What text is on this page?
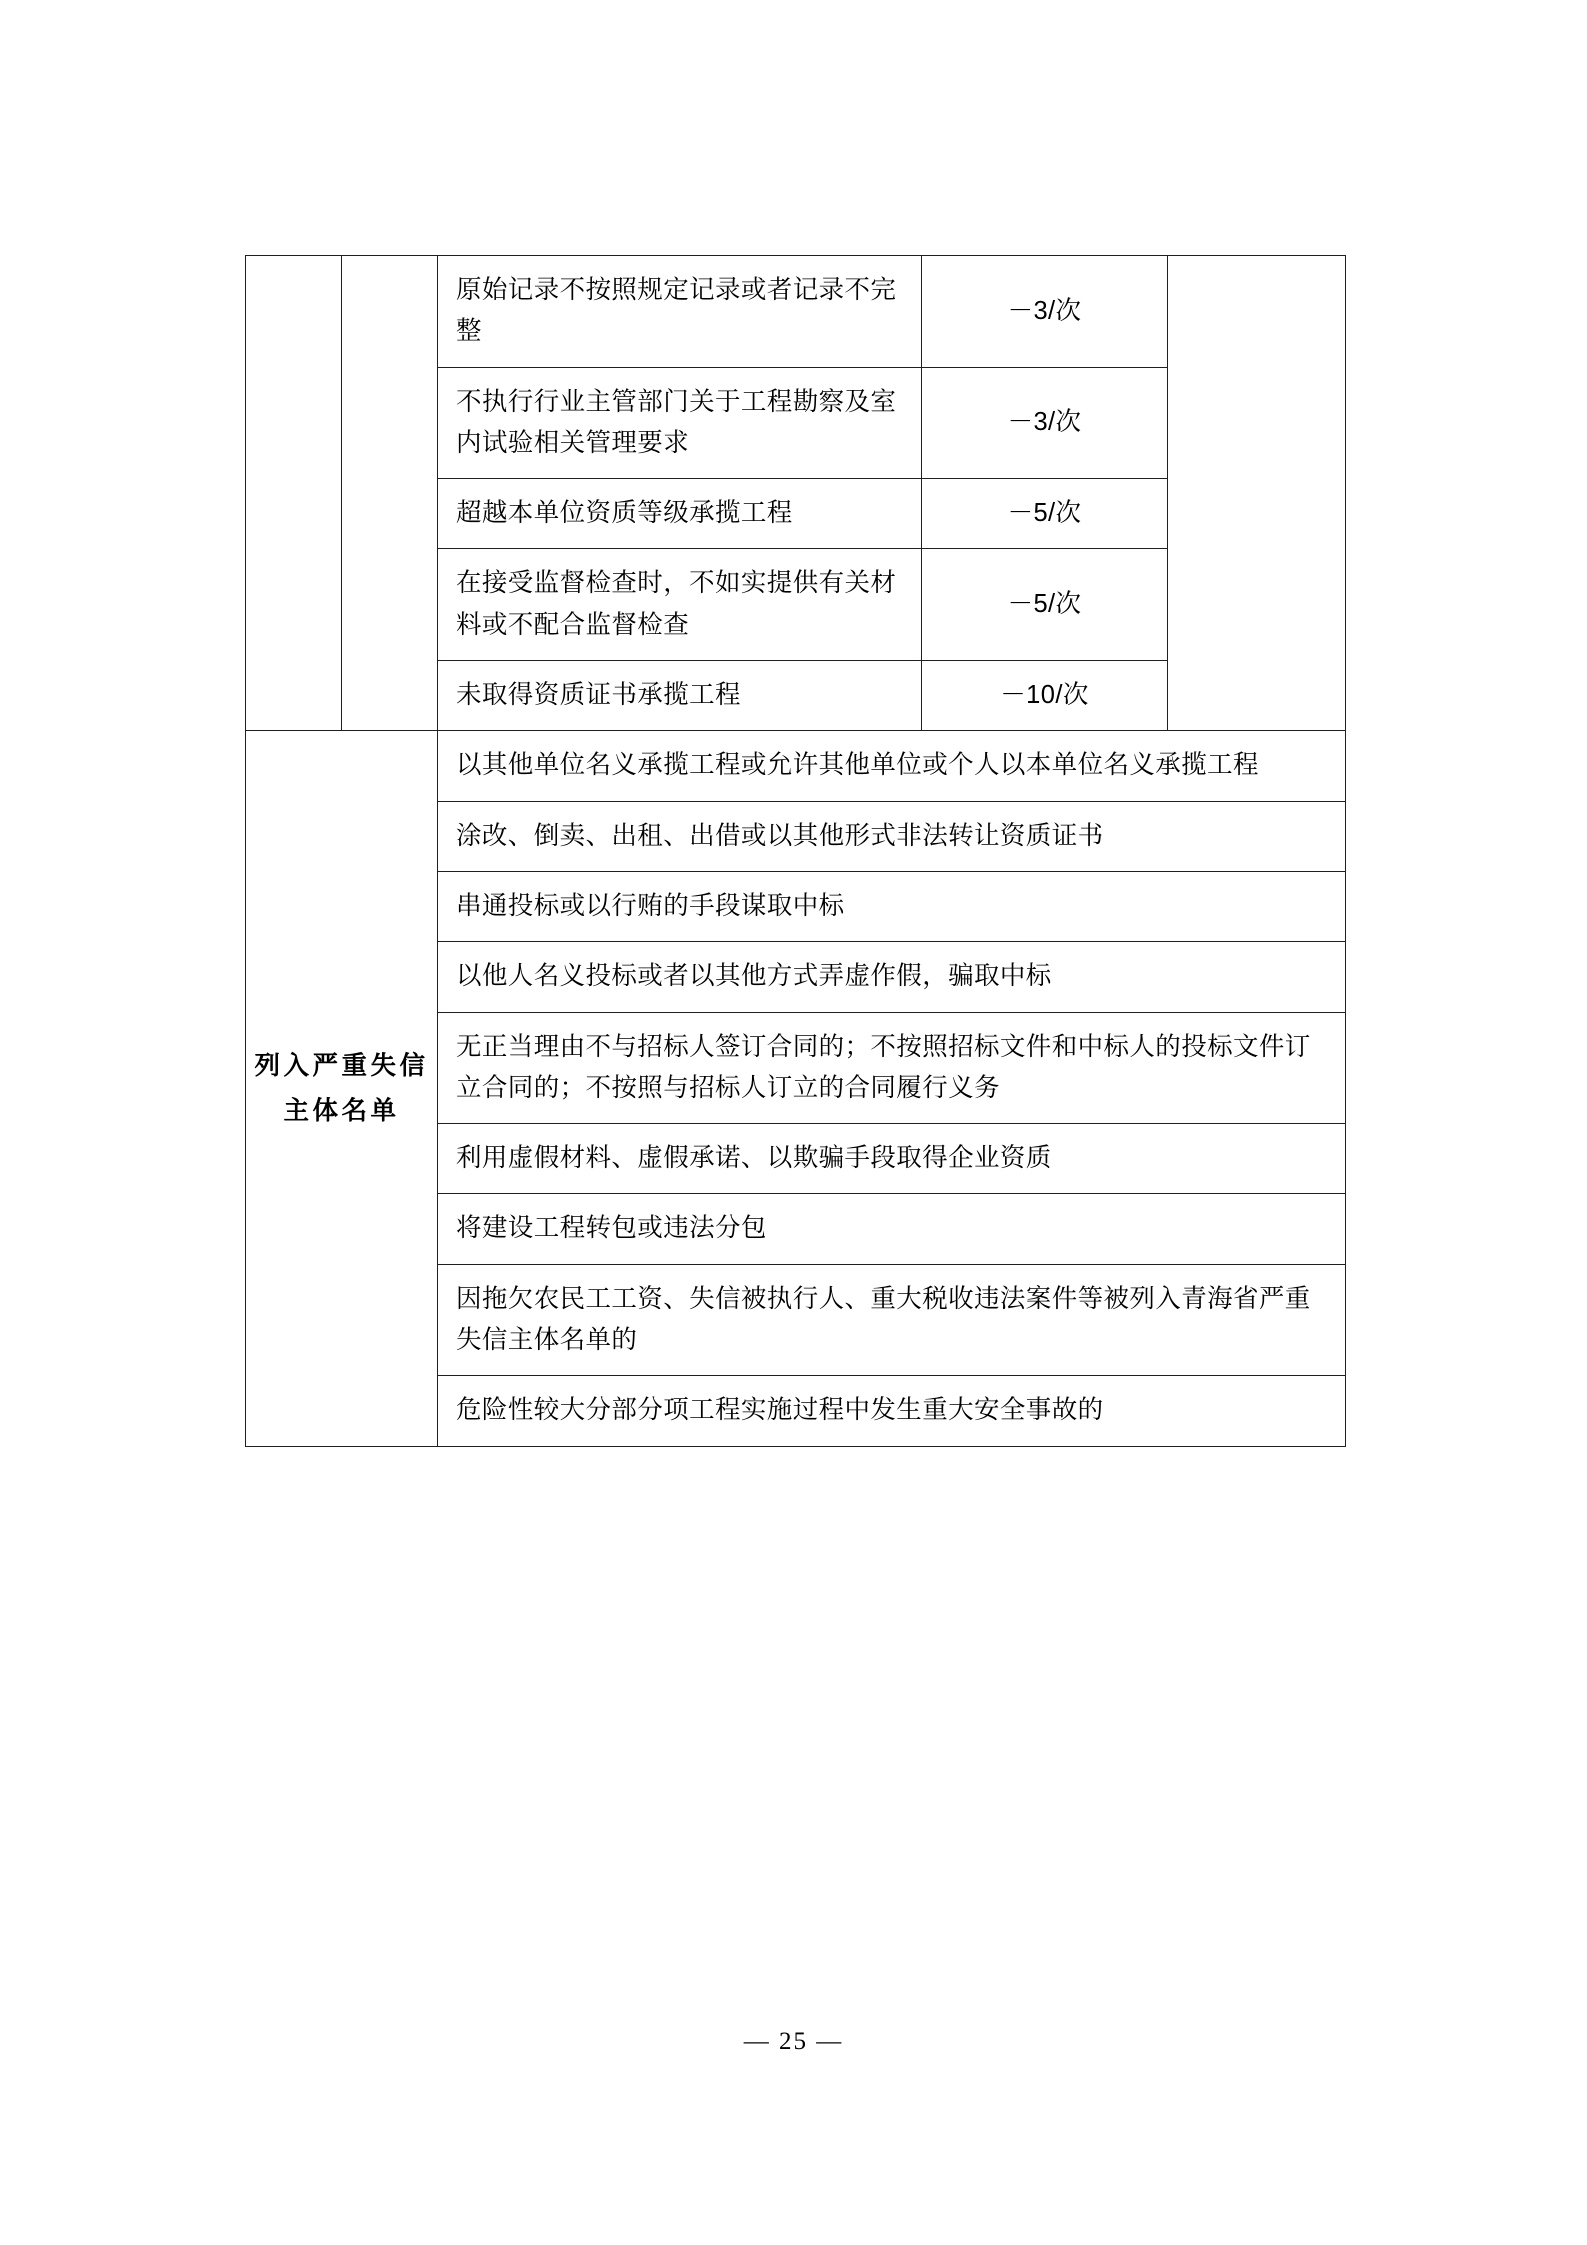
		原始记录不按照规定记录或者记录不完整	－3/次	

		不执行行业主管部门关于工程勘察及室内试验相关管理要求	－3/次	

		超越本单位资质等级承揽工程	－5/次	

		在接受监督检查时，不如实提供有关材料或不配合监督检查	－5/次	

		未取得资质证书承揽工程	－10/次	

列入严重失信主体名单		以其他单位名义承揽工程或允许其他单位或个人以本单位名义承揽工程		

		涂改、倒卖、出租、出借或以其他形式非法转让资质证书		

		串通投标或以行贿的手段谋取中标		

		以他人名义投标或者以其他方式弄虚作假，骗取中标		

		无正当理由不与招标人签订合同的；不按照招标文件和中标人的投标文件订立合同的；不按照与招标人订立的合同履行义务		

		利用虚假材料、虚假承诺、以欺骗手段取得企业资质		

		将建设工程转包或违法分包		

		因拖欠农民工工资、失信被执行人、重大税收违法案件等被列入青海省严重失信主体名单的		

		危险性较大分部分项工程实施过程中发生重大安全事故的		
— 25 —
